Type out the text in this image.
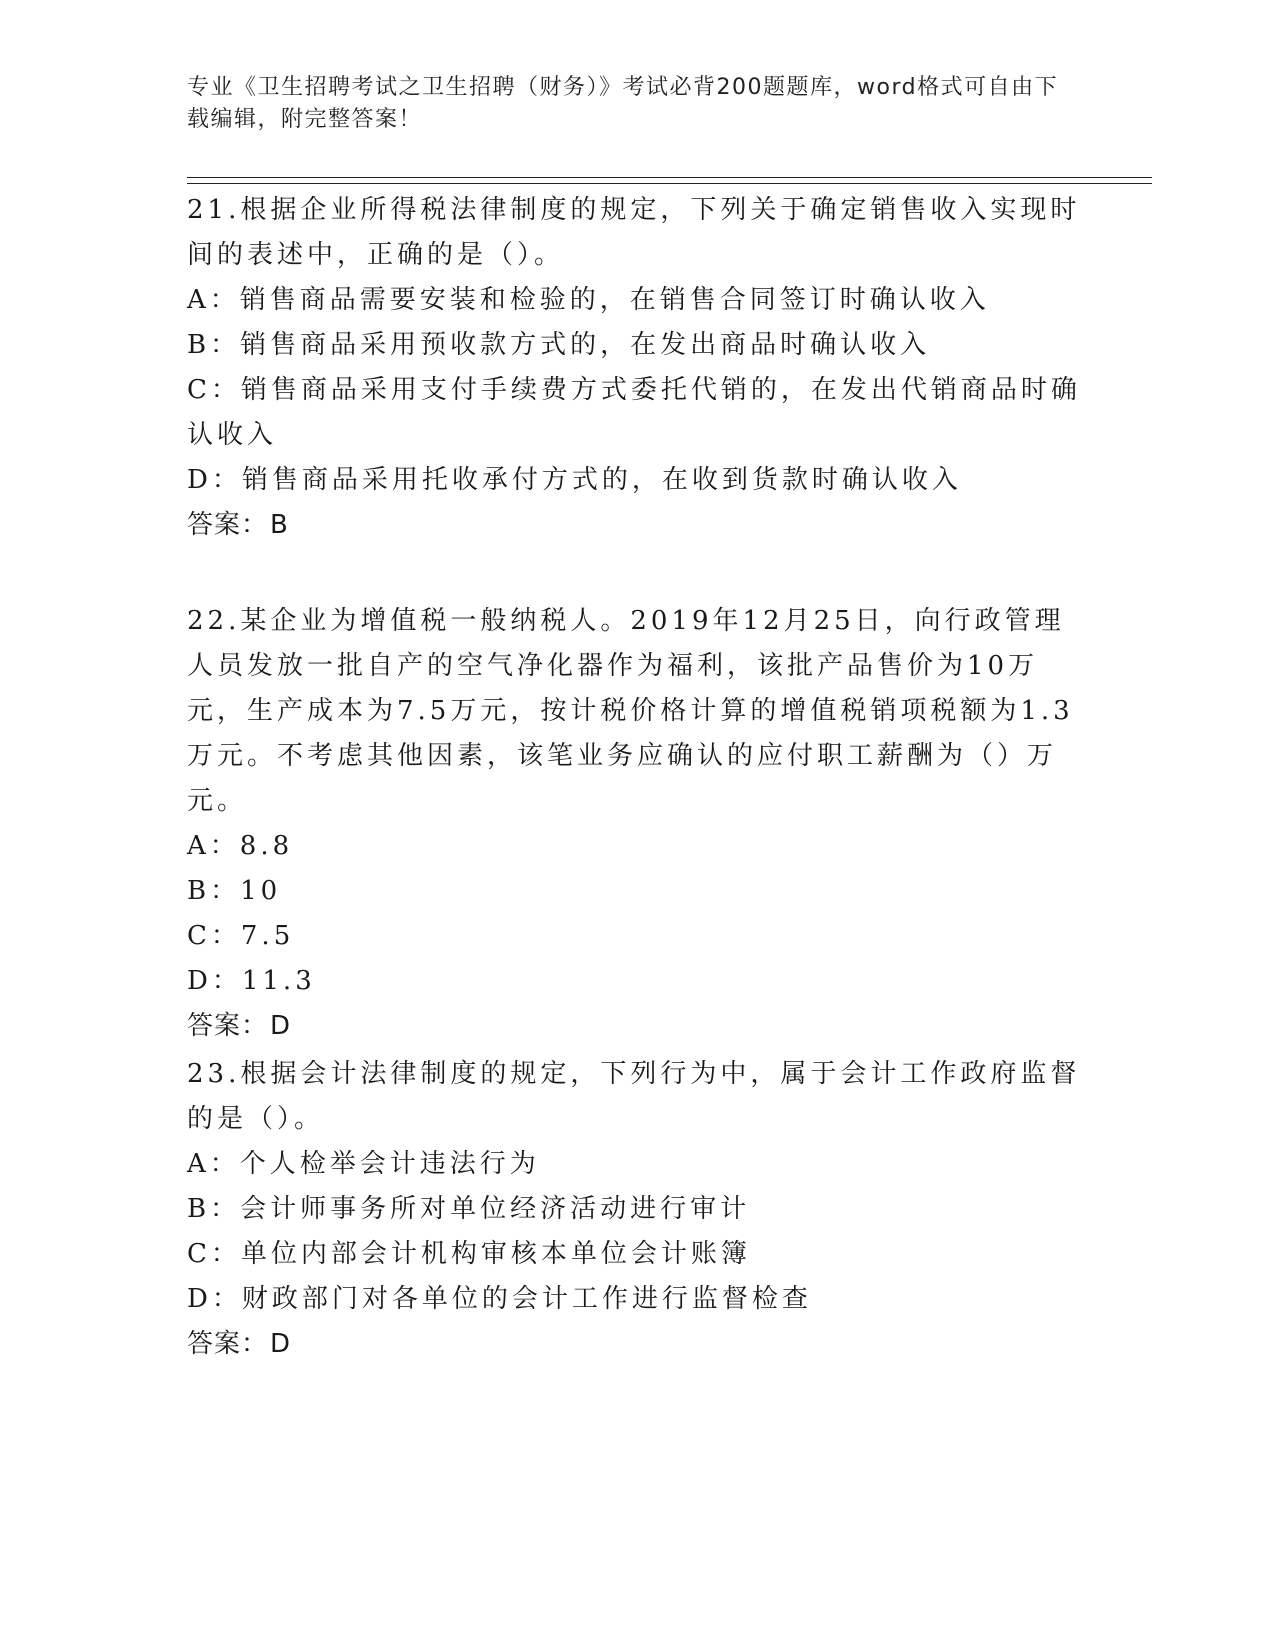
专业《卫生招聘考试之卫生招聘（财务）》考试必背200题题库，word格式可自由下载编辑，附完整答案！
21.根据企业所得税法律制度的规定，下列关于确定销售收入实现时间的表述中，正确的是（）。
A：销售商品需要安装和检验的，在销售合同签订时确认收入
B：销售商品采用预收款方式的，在发出商品时确认收入
C：销售商品采用支付手续费方式委托代销的，在发出代销商品时确认收入
D：销售商品采用托收承付方式的，在收到货款时确认收入
答案：B
22.某企业为增值税一般纳税人。2019年12月25日，向行政管理人员发放一批自产的空气净化器作为福利，该批产品售价为10万元，生产成本为7.5万元，按计税价格计算的增值税销项税额为1.3万元。不考虑其他因素，该笔业务应确认的应付职工薪酬为（）万元。
A：8.8
B：10
C：7.5
D：11.3
答案：D
23.根据会计法律制度的规定，下列行为中，属于会计工作政府监督的是（）。
A：个人检举会计违法行为
B：会计师事务所对单位经济活动进行审计
C：单位内部会计机构审核本单位会计账簿
D：财政部门对各单位的会计工作进行监督检查
答案：D
